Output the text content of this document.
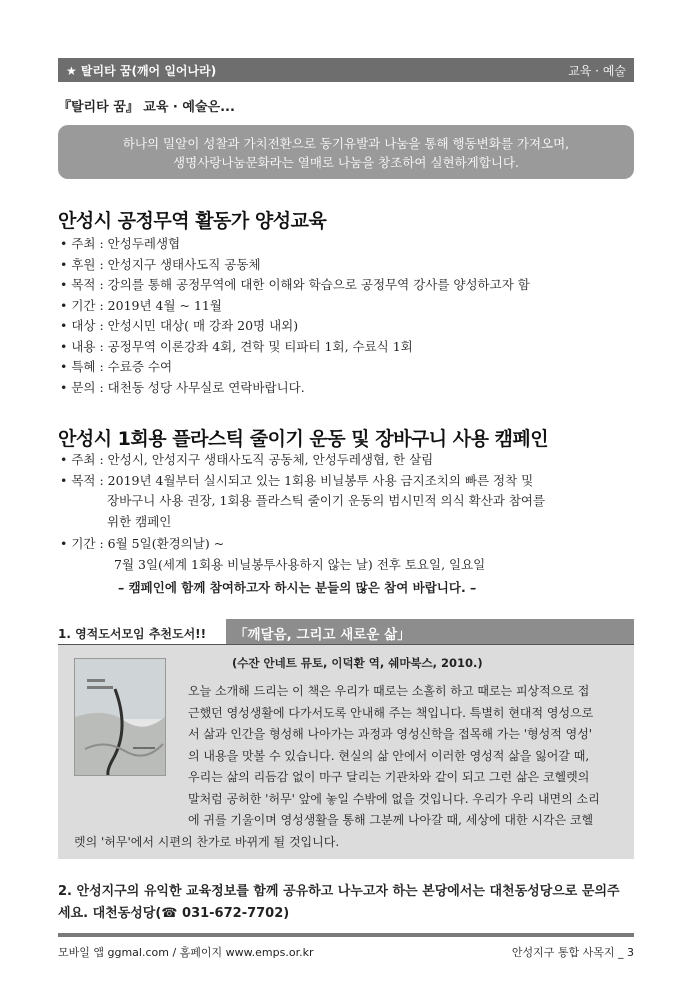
★ 탈리타 꿈(깨어 일어나라)	교육 · 예술
『탈리타 꿈』 교육 · 예술은...
하나의 밀알이 성찰과 가치전환으로 동기유발과 나눔을 통해 행동변화를 가져오며,
생명사랑나눔문화라는 열매로 나눔을 창조하여 실현하게합니다.
안성시 공정무역 활동가 양성교육
• 주최 : 안성두레생협
• 후원 : 안성지구 생태사도직 공동체
• 목적 : 강의를 통해 공정무역에 대한 이해와 학습으로 공정무역 강사를 양성하고자 함
• 기간 : 2019년 4월 ~ 11월
• 대상 : 안성시민 대상( 매 강좌 20명 내외)
• 내용 : 공정무역 이론강좌 4회, 견학 및 티파티 1회, 수료식 1회
• 특혜 : 수료증 수여
• 문의 : 대천동 성당 사무실로 연락바랍니다.
안성시 1회용 플라스틱 줄이기 운동 및 장바구니 사용 캠페인
• 주최 : 안성시, 안성지구 생태사도직 공동체, 안성두레생협, 한 살림
• 목적 : 2019년 4월부터 실시되고 있는 1회용 비닐봉투 사용 금지조치의 빠른 정착 및
장바구니 사용 권장, 1회용 플라스틱 줄이기 운동의 범시민적 의식 확산과 참여를
위한 캠페인
• 기간 : 6월 5일(환경의날) ~
7월 3일(세계 1회용 비닐봉투사용하지 않는 날) 전후 토요일, 일요일
– 캠페인에 함께 참여하고자 하시는 분들의 많은 참여 바랍니다. –
1. 영적도서모임 추천도서!!	「깨달음, 그리고 새로운 삶」
(수잔 안네트 뮤토, 이덕환 역, 쉐마북스, 2010.)
오늘 소개해 드리는 이 책은 우리가 때로는 소홀히 하고 때로는 피상적으로 접
근했던 영성생활에 다가서도록 안내해 주는 책입니다. 특별히 현대적 영성으로
서 삶과 인간을 형성해 나아가는 과정과 영성신학을 접목해 가는 '형성적 영성'
의 내용을 맛볼 수 있습니다. 현실의 삶 안에서 이러한 영성적 삶을 잃어갈 때,
우리는 삶의 리듬감 없이 마구 달리는 기관차와 같이 되고 그런 삶은 코헬렛의
말처럼 공허한 '허무' 앞에 놓일 수밖에 없을 것입니다. 우리가 우리 내면의 소리
에 귀를 기울이며 영성생활을 통해 그분께 나아갈 때, 세상에 대한 시각은 코헬
렛의 '허무'에서 시편의 찬가로 바뀌게 될 것입니다.
2. 안성지구의 유익한 교육정보를 함께 공유하고 나누고자 하는 본당에서는 대천동성당으로 문의주
세요. 대천동성당(☎ 031-672-7702)
모바일 앱 ggmal.com / 홈페이지 www.emps.or.kr	안성지구 통합 사목지 _ 3
